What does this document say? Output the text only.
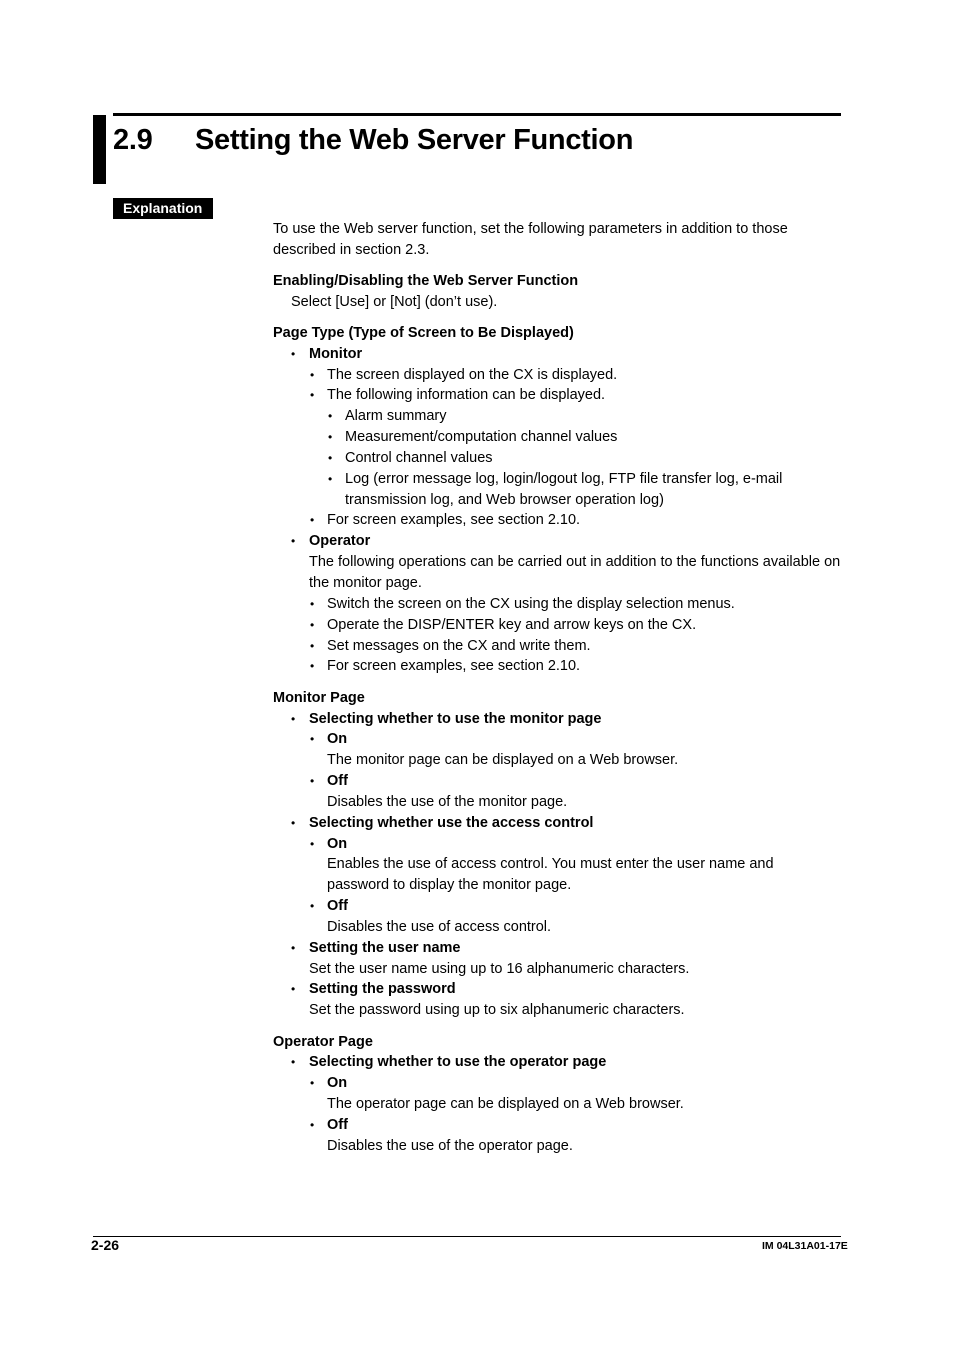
2.9 Setting the Web Server Function
Explanation
To use the Web server function, set the following parameters in addition to those
described in section 2.3.
Enabling/Disabling the Web Server Function
Select [Use] or [Not] (don’t use).
Page Type (Type of Screen to Be Displayed)
• Monitor
• The screen displayed on the CX is displayed.
• The following information can be displayed.
• Alarm summary
• Measurement/computation channel values
• Control channel values
• Log (error message log, login/logout log, FTP file transfer log, e-mail
transmission log, and Web browser operation log)
• For screen examples, see section 2.10.
• Operator
The following operations can be carried out in addition to the functions available on
the monitor page.
• Switch the screen on the CX using the display selection menus.
• Operate the DISP/ENTER key and arrow keys on the CX.
• Set messages on the CX and write them.
• For screen examples, see section 2.10.
Monitor Page
• Selecting whether to use the monitor page
• On
The monitor page can be displayed on a Web browser.
• Off
Disables the use of the monitor page.
• Selecting whether use the access control
• On
Enables the use of access control. You must enter the user name and
password to display the monitor page.
• Off
Disables the use of access control.
• Setting the user name
Set the user name using up to 16 alphanumeric characters.
• Setting the password
Set the password using up to six alphanumeric characters.
Operator Page
• Selecting whether to use the operator page
• On
The operator page can be displayed on a Web browser.
• Off
Disables the use of the operator page.
2-26	IM 04L31A01-17E
